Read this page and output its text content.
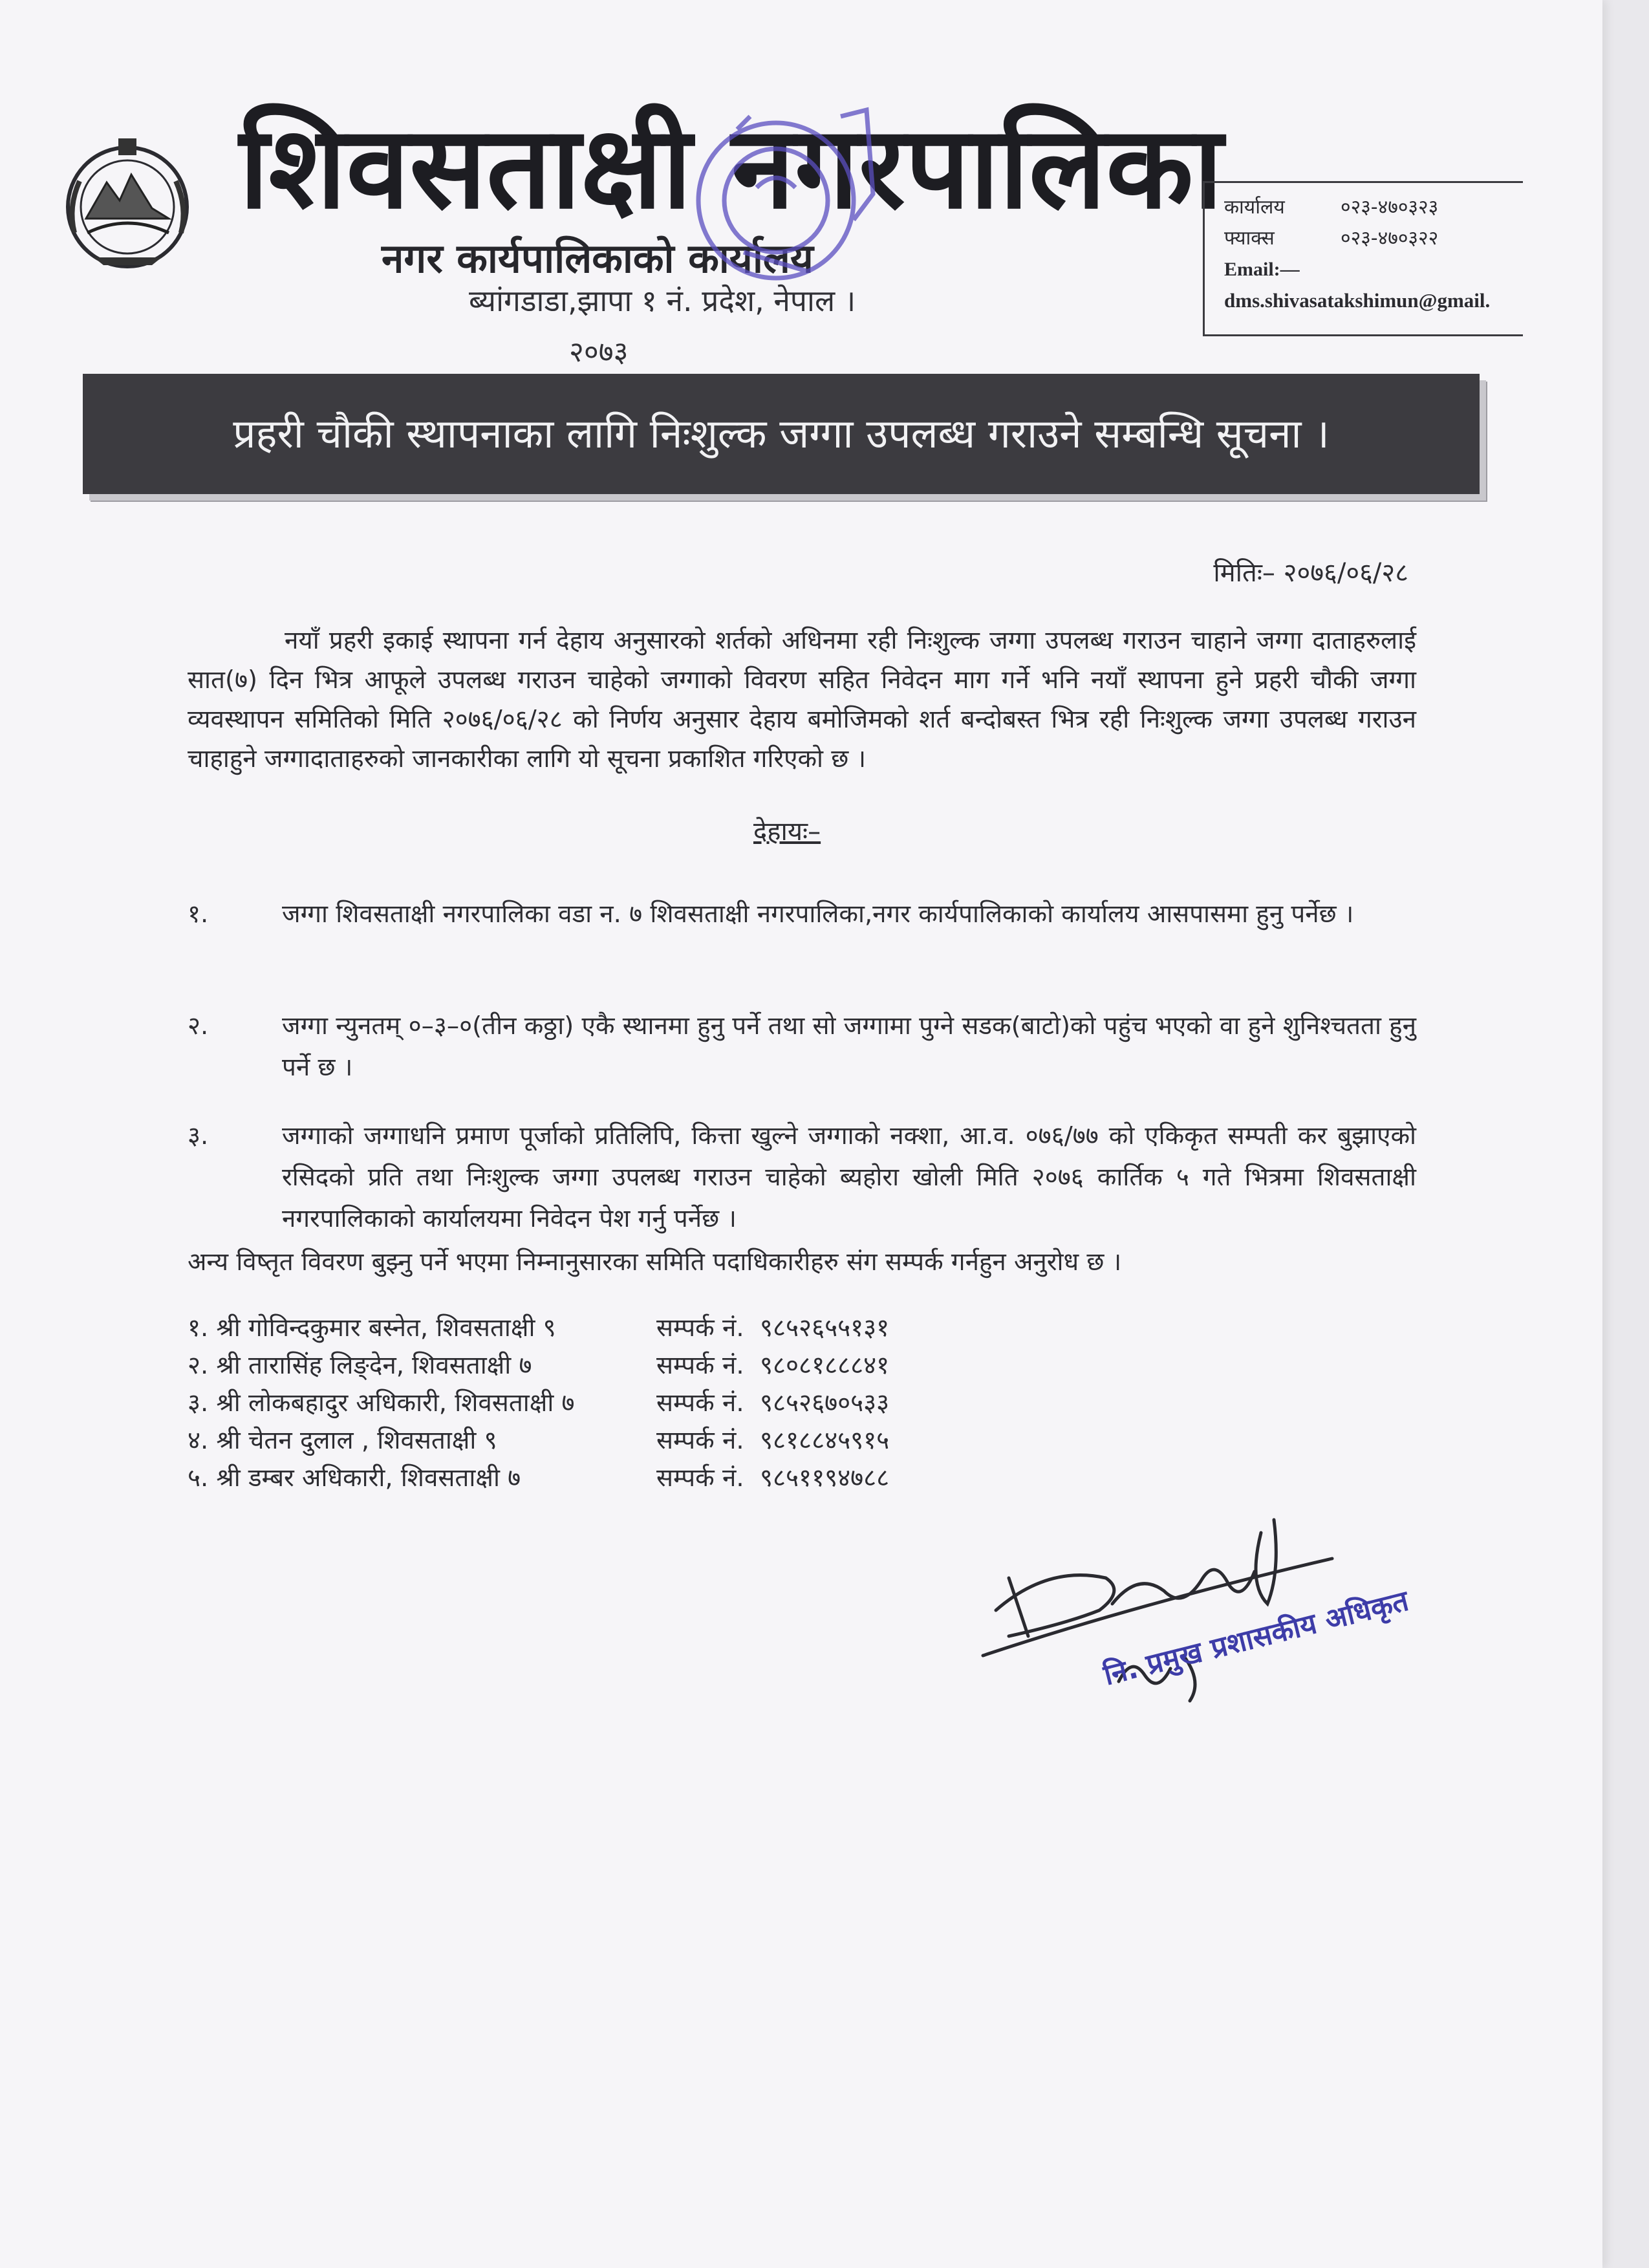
शिवसताक्षी नगरपालिका
नगर कार्यपालिकाको कार्यालय
ब्यांगडाडा,झापा १ नं. प्रदेश, नेपाल ।
२०७३
कार्यालय	०२३-४७०३२३
फ्याक्स	०२३-४७०३२२
Email:—
dms.shivasatakshimun@gmail.
प्रहरी चौकी स्थापनाका लागि निःशुल्क जग्गा उपलब्ध गराउने सम्बन्धि सूचना ।
मितिः– २०७६/०६/२८
नयाँ प्रहरी इकाई स्थापना गर्न देहाय अनुसारको शर्तको अधिनमा रही निःशुल्क जग्गा उपलब्ध गराउन चाहाने जग्गा दाताहरुलाई सात(७) दिन भित्र आफूले उपलब्ध गराउन चाहेको जग्गाको विवरण सहित निवेदन माग गर्ने भनि नयाँ स्थापना हुने प्रहरी चौकी जग्गा व्यवस्थापन समितिको मिति २०७६/०६/२८ को निर्णय अनुसार देहाय बमोजिमको शर्त बन्दोबस्त भित्र रही निःशुल्क जग्गा उपलब्ध गराउन चाहाहुने जग्गादाताहरुको जानकारीका लागि यो सूचना प्रकाशित गरिएको छ ।
देहायः–
१.	जग्गा शिवसताक्षी नगरपालिका वडा न. ७ शिवसताक्षी नगरपालिका,नगर कार्यपालिकाको कार्यालय आसपासमा हुनु पर्नेछ ।
२.	जग्गा न्युनतम् ०–३–०(तीन कठ्ठा) एकै स्थानमा हुनु पर्ने तथा सो जग्गामा पुग्ने सडक(बाटो)को पहुंच भएको वा हुने शुनिश्चतता हुनु पर्ने छ ।
३.	जग्गाको जग्गाधनि प्रमाण पूर्जाको प्रतिलिपि, कित्ता खुल्ने जग्गाको नक्शा, आ.व. ०७६/७७ को एकिकृत सम्पती कर बुझाएको रसिदको प्रति तथा निःशुल्क जग्गा उपलब्ध गराउन चाहेको ब्यहोरा खोली मिति २०७६ कार्तिक ५ गते भित्रमा शिवसताक्षी नगरपालिकाको कार्यालयमा निवेदन पेश गर्नु पर्नेछ ।
अन्य विष्तृत विवरण बुझ्नु पर्ने भएमा निम्नानुसारका समिति पदाधिकारीहरु संग सम्पर्क गर्नहुन अनुरोध छ ।
१. श्री गोविन्दकुमार बस्नेत, शिवसताक्षी ९	सम्पर्क नं. ९८५२६५५१३१
२. श्री तारासिंह लिङ्देन, शिवसताक्षी ७	सम्पर्क नं. ९८०८१८८८४१
३. श्री लोकबहादुर अधिकारी, शिवसताक्षी ७	सम्पर्क नं. ९८५२६७०५३३
४. श्री चेतन दुलाल , शिवसताक्षी ९	सम्पर्क नं. ९८१८८४५९१५
५. श्री डम्बर अधिकारी, शिवसताक्षी ७	सम्पर्क नं. ९८५११९४७८८
नि. प्रमुख प्रशासकीय अधिकृत
